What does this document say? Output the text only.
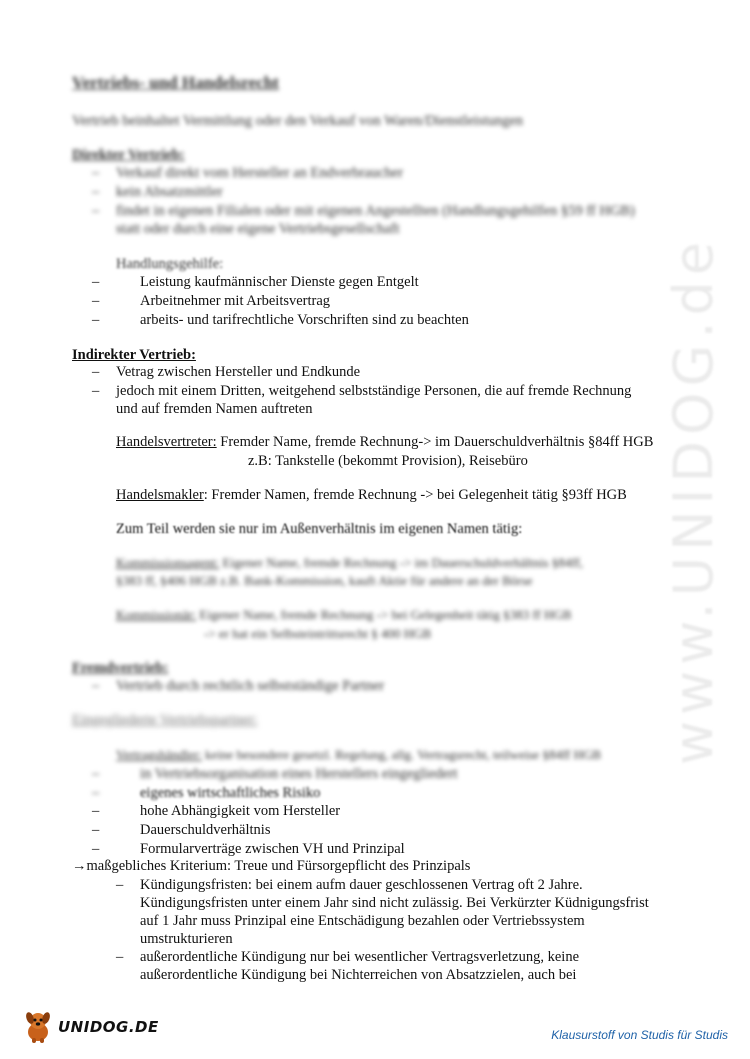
www.UNIDOG.de
Vertriebs- und Handelsrecht
Vertrieb beinhaltet Vermittlung oder den Verkauf von Waren/Dienstleistungen
Direkter Vertrieb:
–	Verkauf direkt vom Hersteller an Endverbraucher
–	kein Absatzmittler
–	findet in eigenen Filialen oder mit eigenen Angestellten (Handlungsgehilfen §59 ff HGB)
statt oder durch eine eigene Vertriebsgesellschaft
Handlungsgehilfe:
–	Leistung kaufmännischer Dienste gegen Entgelt
–	Arbeitnehmer mit Arbeitsvertrag
–	arbeits- und tarifrechtliche Vorschriften sind zu beachten
Indirekter Vertrieb:
–	Vetrag zwischen Hersteller und Endkunde
–	jedoch mit einem Dritten, weitgehend selbstständige Personen, die auf fremde Rechnung
und auf fremden Namen auftreten
Handelsvertreter: Fremder Name, fremde Rechnung-> im Dauerschuldverhältnis §84ff HGB
z.B: Tankstelle (bekommt Provision), Reisebüro
Handelsmakler: Fremder Namen, fremde Rechnung -> bei Gelegenheit tätig §93ff HGB
Zum Teil werden sie nur im Außenverhältnis im eigenen Namen tätig:
Kommissionsagent: Eigener Name, fremde Rechnung -> im Dauerschuldverhältnis §84ff,
§383 ff, §406 HGB z.B. Bank-Kommission, kauft Aktie für andere an der Börse
Kommissionär: Eigener Name, fremde Rechnung -> bei Gelegenheit tätig §383 ff HGB
-> er hat ein Selbsteintrittsrecht § 400 HGB
Fremdvertrieb:
–	Vertrieb durch rechtlich selbstständige Partner
Eingegliederte Vertriebspartner:
Vertragshändler: keine besondere gesetzl. Regelung, allg. Vertragsrecht, teilweise §84ff HGB
–	in Vertriebsorganisation eines Herstellers eingegliedert
–	eigenes wirtschaftliches Risiko
–	hohe Abhängigkeit vom Hersteller
–	Dauerschuldverhältnis
–	Formularverträge zwischen VH und Prinzipal
→maßgebliches Kriterium: Treue und Fürsorgepflicht des Prinzipals
–	Kündigungsfristen: bei einem aufm dauer geschlossenen Vertrag oft 2 Jahre.
Kündigungsfristen unter einem Jahr sind nicht zulässig. Bei Verkürzter Küdnigungsfrist
auf 1 Jahr muss Prinzipal eine Entschädigung bezahlen oder Vertriebssystem
umstrukturieren
–	außerordentliche Kündigung nur bei wesentlicher Vertragsverletzung, keine
außerordentliche Kündigung bei Nichterreichen von Absatzzielen, auch bei
UNIDOG.DE	Klausurstoff von Studis für Studis
